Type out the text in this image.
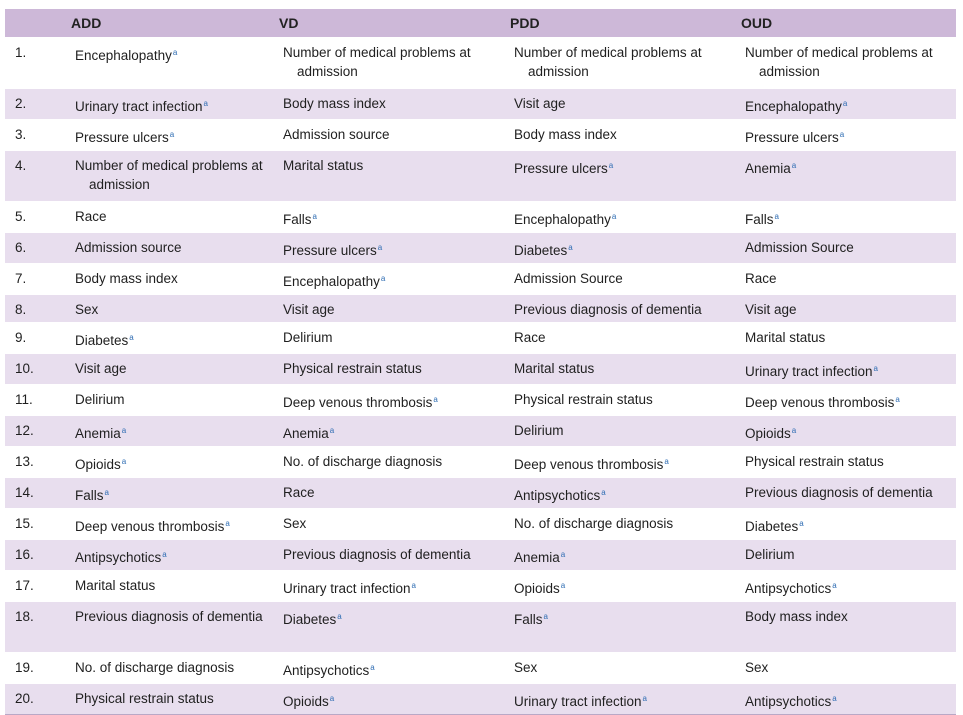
	ADD	VD	PDD	OUD
1.	Encephalopathy$^a$	Number of medical problems at admission	Number of medical problems at admission	Number of medical problems at admission
2.	Urinary tract infection$^a$	Body mass index	Visit age	Encephalopathy$^a$
3.	Pressure ulcers$^a$	Admission source	Body mass index	Pressure ulcers$^a$
4.	Number of medical problems at admission	Marital status	Pressure ulcers$^a$	Anemia$^a$
5.	Race	Falls$^a$	Encephalopathy$^a$	Falls$^a$
6.	Admission source	Pressure ulcers$^a$	Diabetes$^a$	Admission Source
7.	Body mass index	Encephalopathy$^a$	Admission Source	Race
8.	Sex	Visit age	Previous diagnosis of dementia	Visit age
9.	Diabetes$^a$	Delirium	Race	Marital status
10.	Visit age	Physical restrain status	Marital status	Urinary tract infection$^a$
11.	Delirium	Deep venous thrombosis$^a$	Physical restrain status	Deep venous thrombosis$^a$
12.	Anemia$^a$	Anemia$^a$	Delirium	Opioids$^a$
13.	Opioids$^a$	No. of discharge diagnosis	Deep venous thrombosis$^a$	Physical restrain status
14.	Falls$^a$	Race	Antipsychotics$^a$	Previous diagnosis of dementia
15.	Deep venous thrombosis$^a$	Sex	No. of discharge diagnosis	Diabetes$^a$
16.	Antipsychotics$^a$	Previous diagnosis of dementia	Anemia$^a$	Delirium
17.	Marital status	Urinary tract infection$^a$	Opioids$^a$	Antipsychotics$^a$
18.	Previous diagnosis of dementia	Diabetes$^a$	Falls$^a$	Body mass index
19.	No. of discharge diagnosis	Antipsychotics$^a$	Sex	Sex
20.	Physical restrain status	Opioids$^a$	Urinary tract infection$^a$	Antipsychotics$^a$
